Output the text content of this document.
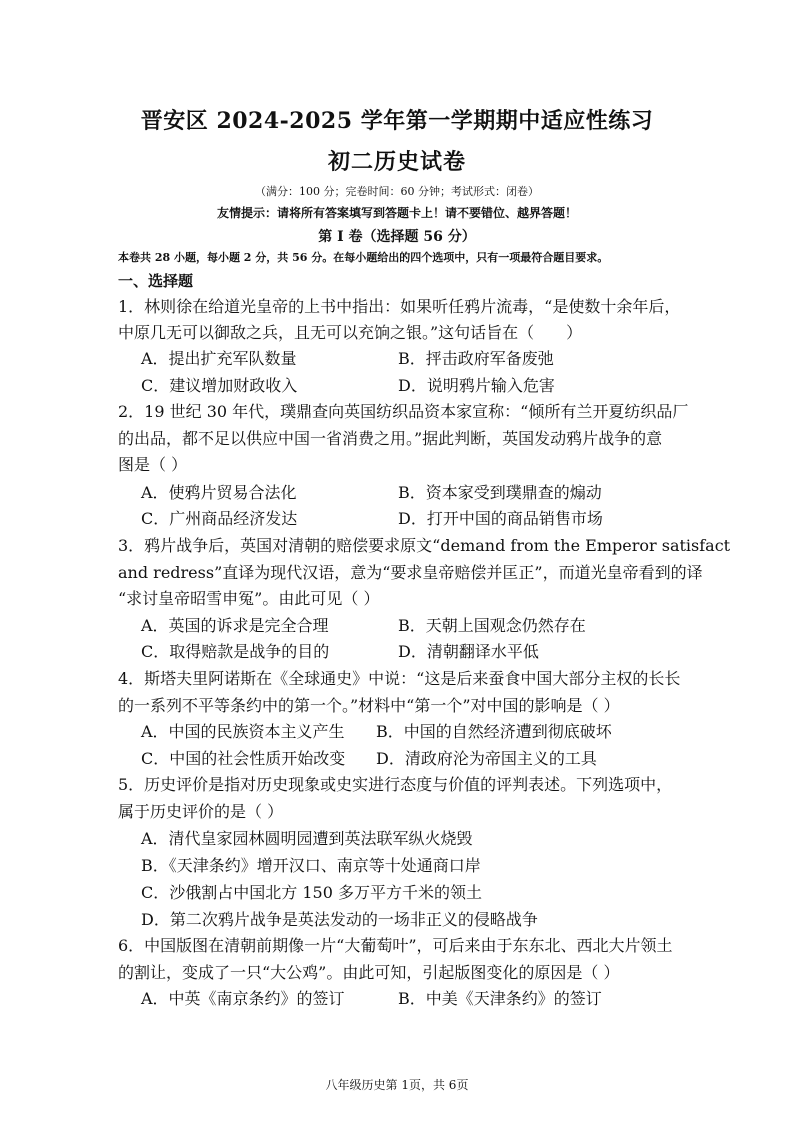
晋安区 2024-2025 学年第一学期期中适应性练习
初二历史试卷
（满分：100 分；完卷时间：60 分钟；考试形式：闭卷）
友情提示：请将所有答案填写到答题卡上！请不要错位、越界答题！
第 I 卷（选择题 56 分）
本卷共 28 小题，每小题 2 分，共 56 分。在每小题给出的四个选项中，只有一项最符合题目要求。
一、选择题
1．林则徐在给道光皇帝的上书中指出：如果听任鸦片流毒，“是使数十余年后，
中原几无可以御敌之兵，且无可以充饷之银。”这句话旨在（　　）
A．提出扩充军队数量	B．抨击政府军备废弛
C．建议增加财政收入	D．说明鸦片输入危害
2．19 世纪 30 年代，璞鼎查向英国纺织品资本家宣称：“倾所有兰开夏纺织品厂
的出品，都不足以供应中国一省消费之用。”据此判断，英国发动鸦片战争的意
图是（ ）
A．使鸦片贸易合法化	B．资本家受到璞鼎查的煽动
C．广州商品经济发达	D．打开中国的商品销售市场
3．鸦片战争后，英国对清朝的赔偿要求原文“demand from the Emperor satisfact
and redress”直译为现代汉语，意为“要求皇帝赔偿并匡正”，而道光皇帝看到的译
“求讨皇帝昭雪申冤”。由此可见（ ）
A．英国的诉求是完全合理	B．天朝上国观念仍然存在
C．取得赔款是战争的目的	D．清朝翻译水平低
4．斯塔夫里阿诺斯在《全球通史》中说：“这是后来蚕食中国大部分主权的长长
的一系列不平等条约中的第一个。”材料中“第一个”对中国的影响是（ ）
A．中国的民族资本主义产生 B．中国的自然经济遭到彻底破坏
C．中国的社会性质开始改变 D．清政府沦为帝国主义的工具
5．历史评价是指对历史现象或史实进行态度与价值的评判表述。下列选项中，
属于历史评价的是（ ）
A．清代皇家园林圆明园遭到英法联军纵火烧毁
B．《天津条约》增开汉口、南京等十处通商口岸
C．沙俄割占中国北方 150 多万平方千米的领土
D．第二次鸦片战争是英法发动的一场非正义的侵略战争
6．中国版图在清朝前期像一片“大葡萄叶”，可后来由于东东北、西北大片领土
的割让，变成了一只“大公鸡”。由此可知，引起版图变化的原因是（ ）
A．中英《南京条约》的签订	B．中美《天津条约》的签订
八年级历史第 1页，共 6页
